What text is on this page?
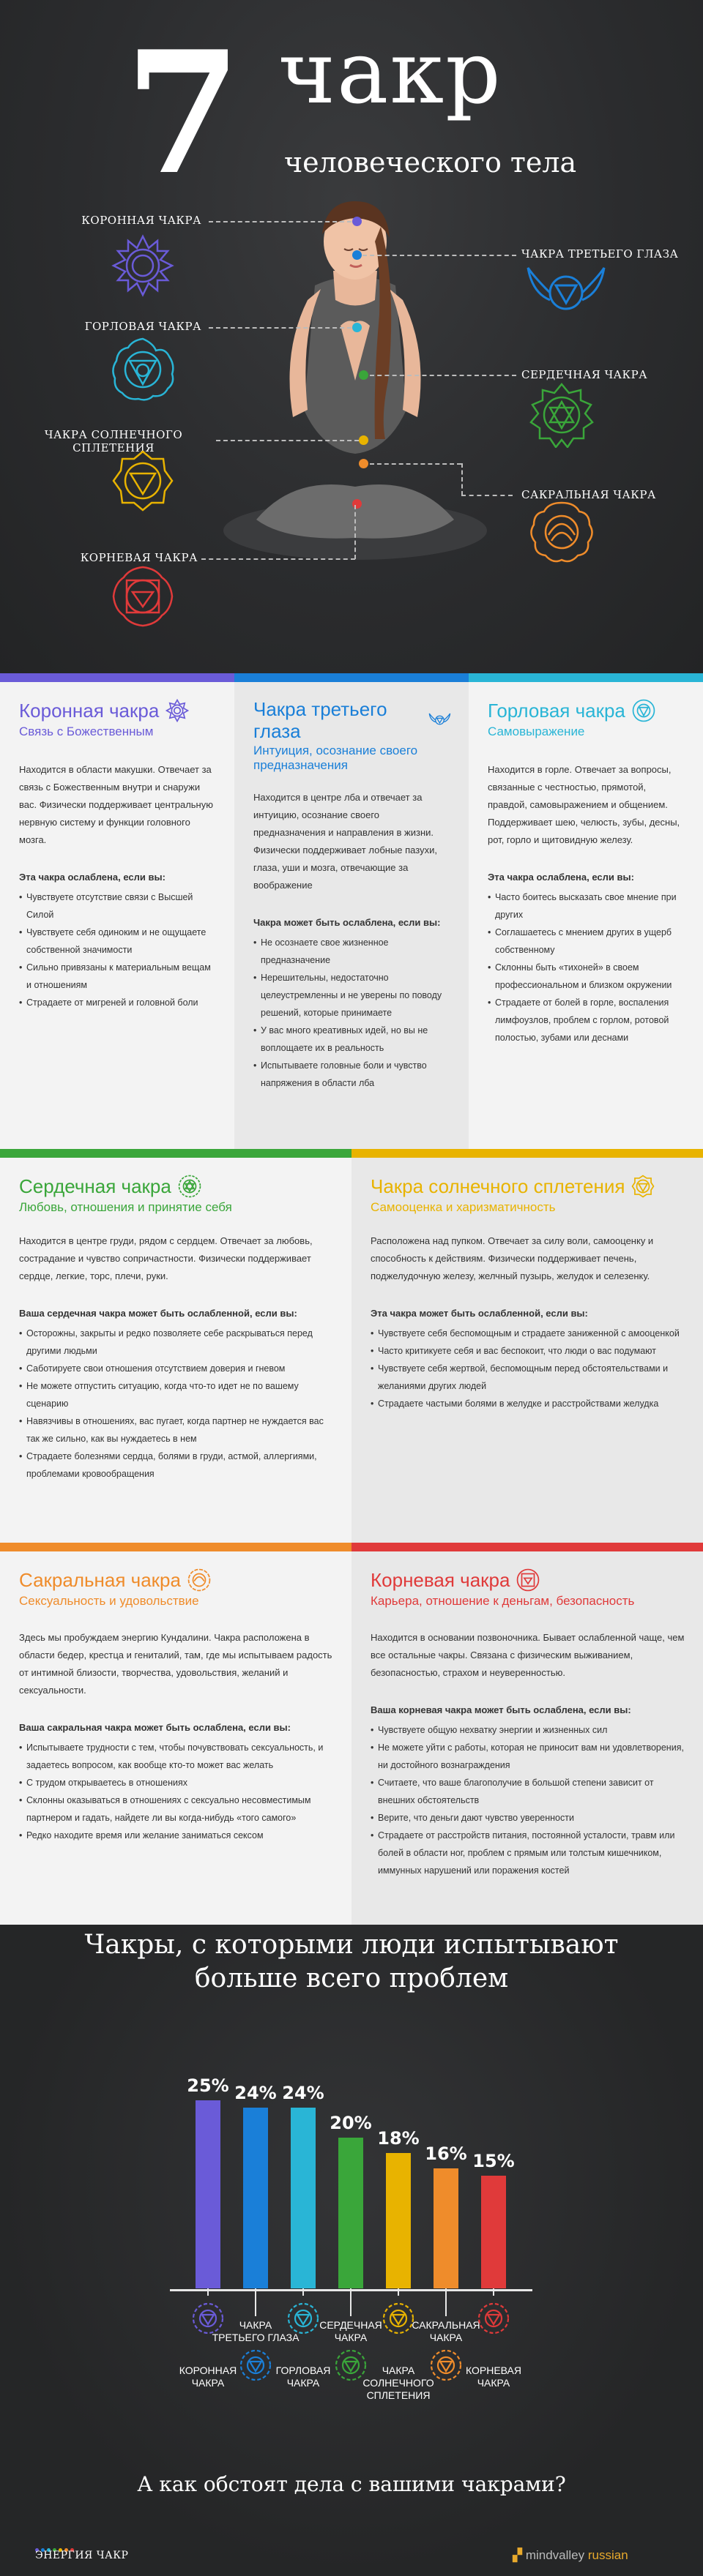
7 чакр
человеческого тела
КОРОННАЯ ЧАКРА
ГОРЛОВАЯ ЧАКРА
ЧАКРА СОЛНЕЧНОГО СПЛЕТЕНИЯ
КОРНЕВАЯ ЧАКРА
ЧАКРА ТРЕТЬЕГО ГЛАЗА
СЕРДЕЧНАЯ ЧАКРА
САКРАЛЬНАЯ ЧАКРА
Коронная чакра
Связь с Божественным

Находится в области макушки. Отвечает за связь с Божественным внутри и снаружи вас. Физически поддерживает центральную нервную систему и функции головного мозга.

Эта чакра ослаблена, если вы:
• Чувствуете отсутствие связи с Высшей Силой
• Чувствуете себя одиноким и не ощущаете собственной значимости
• Сильно привязаны к материальным вещам и отношениям
• Страдаете от мигреней и головной боли
Чакра третьего глаза
Интуиция, осознание своего предназначения

Находится в центре лба и отвечает за интуицию, осознание своего предназначения и направления в жизни. Физически поддерживает лобные пазухи, глаза, уши и мозга, отвечающие за воображение

Чакра может быть ослаблена, если вы:
• Не осознаете свое жизненное предназначение
• Нерешительны, недостаточно целеустремленны и не уверены по поводу решений, которые принимаете
• У вас много креативных идей, но вы не воплощаете их в реальность
• Испытываете головные боли и чувство напряжения в области лба
Горловая чакра
Самовыражение

Находится в горле. Отвечает за вопросы, связанные с честностью, прямотой, правдой, самовыражением и общением. Поддерживает шею, челюсть, зубы, десны, рот, горло и щитовидную железу.

Эта чакра ослаблена, если вы:
• Часто боитесь высказать свое мнение при других
• Соглашаетесь с мнением других в ущерб собственному
• Склонны быть «тихоней» в своем профессиональном и близком окружении
• Страдаете от болей в горле, воспаления лимфоузлов, проблем с горлом, ротовой полостью, зубами или деснами
Сердечная чакра
Любовь, отношения и принятие себя

Находится в центре груди, рядом с сердцем. Отвечает за любовь, сострадание и чувство сопричастности. Физически поддерживает сердце, легкие, торс, плечи, руки.

Ваша сердечная чакра может быть ослабленной, если вы:
• Осторожны, закрыты и редко позволяете себе раскрываться перед другими людьми
• Саботируете свои отношения отсутствием доверия и гневом
• Не можете отпустить ситуацию, когда что-то идет не по вашему сценарию
• Навязчивы в отношениях, вас пугает, когда партнер не нуждается вас так же сильно, как вы нуждаетесь в нем
• Страдаете болезнями сердца, болями в груди, астмой, аллергиями, проблемами кровообращения
Чакра солнечного сплетения
Самооценка и харизматичность

Расположена над пупком. Отвечает за силу воли, самооценку и способность к действиям. Физически поддерживает печень, поджелудочную железу, желчный пузырь, желудок и селезенку.

Эта чакра может быть ослабленной, если вы:
• Чувствуете себя беспомощным и страдаете заниженной с амооценкой
• Часто критикуете себя и вас беспокоит, что люди о вас подумают
• Чувствуете себя жертвой, беспомощным перед обстоятельствами и желаниями других людей
• Страдаете частыми болями в желудке и расстройствами желудка
Сакральная чакра
Сексуальность и удовольствие

Здесь мы пробуждаем энергию Кундалини. Чакра расположена в области бедер, крестца и гениталий, там, где мы испытываем радость от интимной близости, творчества, удовольствия, желаний и сексуальности.

Ваша сакральная чакра может быть ослаблена, если вы:
• Испытываете трудности с тем, чтобы почувствовать сексуальность, и задаетесь вопросом, как вообще кто-то может вас желать
• С трудом открываетесь в отношениях
• Склонны оказываться в отношениях с сексуально несовместимым партнером и гадать, найдете ли вы когда-нибудь «того самого»
• Редко находите время или желание заниматься сексом
Корневая чакра
Карьера, отношение к деньгам, безопасность

Находится в основании позвоночника. Бывает ослабленной чаще, чем все остальные чакры. Связана с физическим выживанием, безопасностью, страхом и неуверенностью.

Ваша корневая чакра может быть ослаблена, если вы:
• Чувствуете общую нехватку энергии и жизненных сил
• Не можете уйти с работы, которая не приносит вам ни удовлетворения, ни достойного вознаграждения
• Считаете, что ваше благополучие в большой степени зависит от внешних обстоятельств
• Верите, что деньги дают чувство уверенности
• Страдаете от расстройств питания, постоянной усталости, травм или болей в области ног, проблем с прямым или толстым кишечником, иммунных нарушений или поражения костей
Чакры, с которыми люди испытывают больше всего проблем
25%
КОРОННАЯ ЧАКРА
24%
ЧАКРА ТРЕТЬЕГО ГЛАЗА
24%
ГОРЛОВАЯ ЧАКРА
20%
СЕРДЕЧНАЯ ЧАКРА
18%
ЧАКРА СОЛНЕЧНОГО СПЛЕТЕНИЯ
16%
САКРАЛЬНАЯ ЧАКРА
15%
КОРНЕВАЯ ЧАКРА
А как обстоят дела с вашими чакрами?
ЭНЕРГИЯ ЧАКР	▞ mindvalley russian
